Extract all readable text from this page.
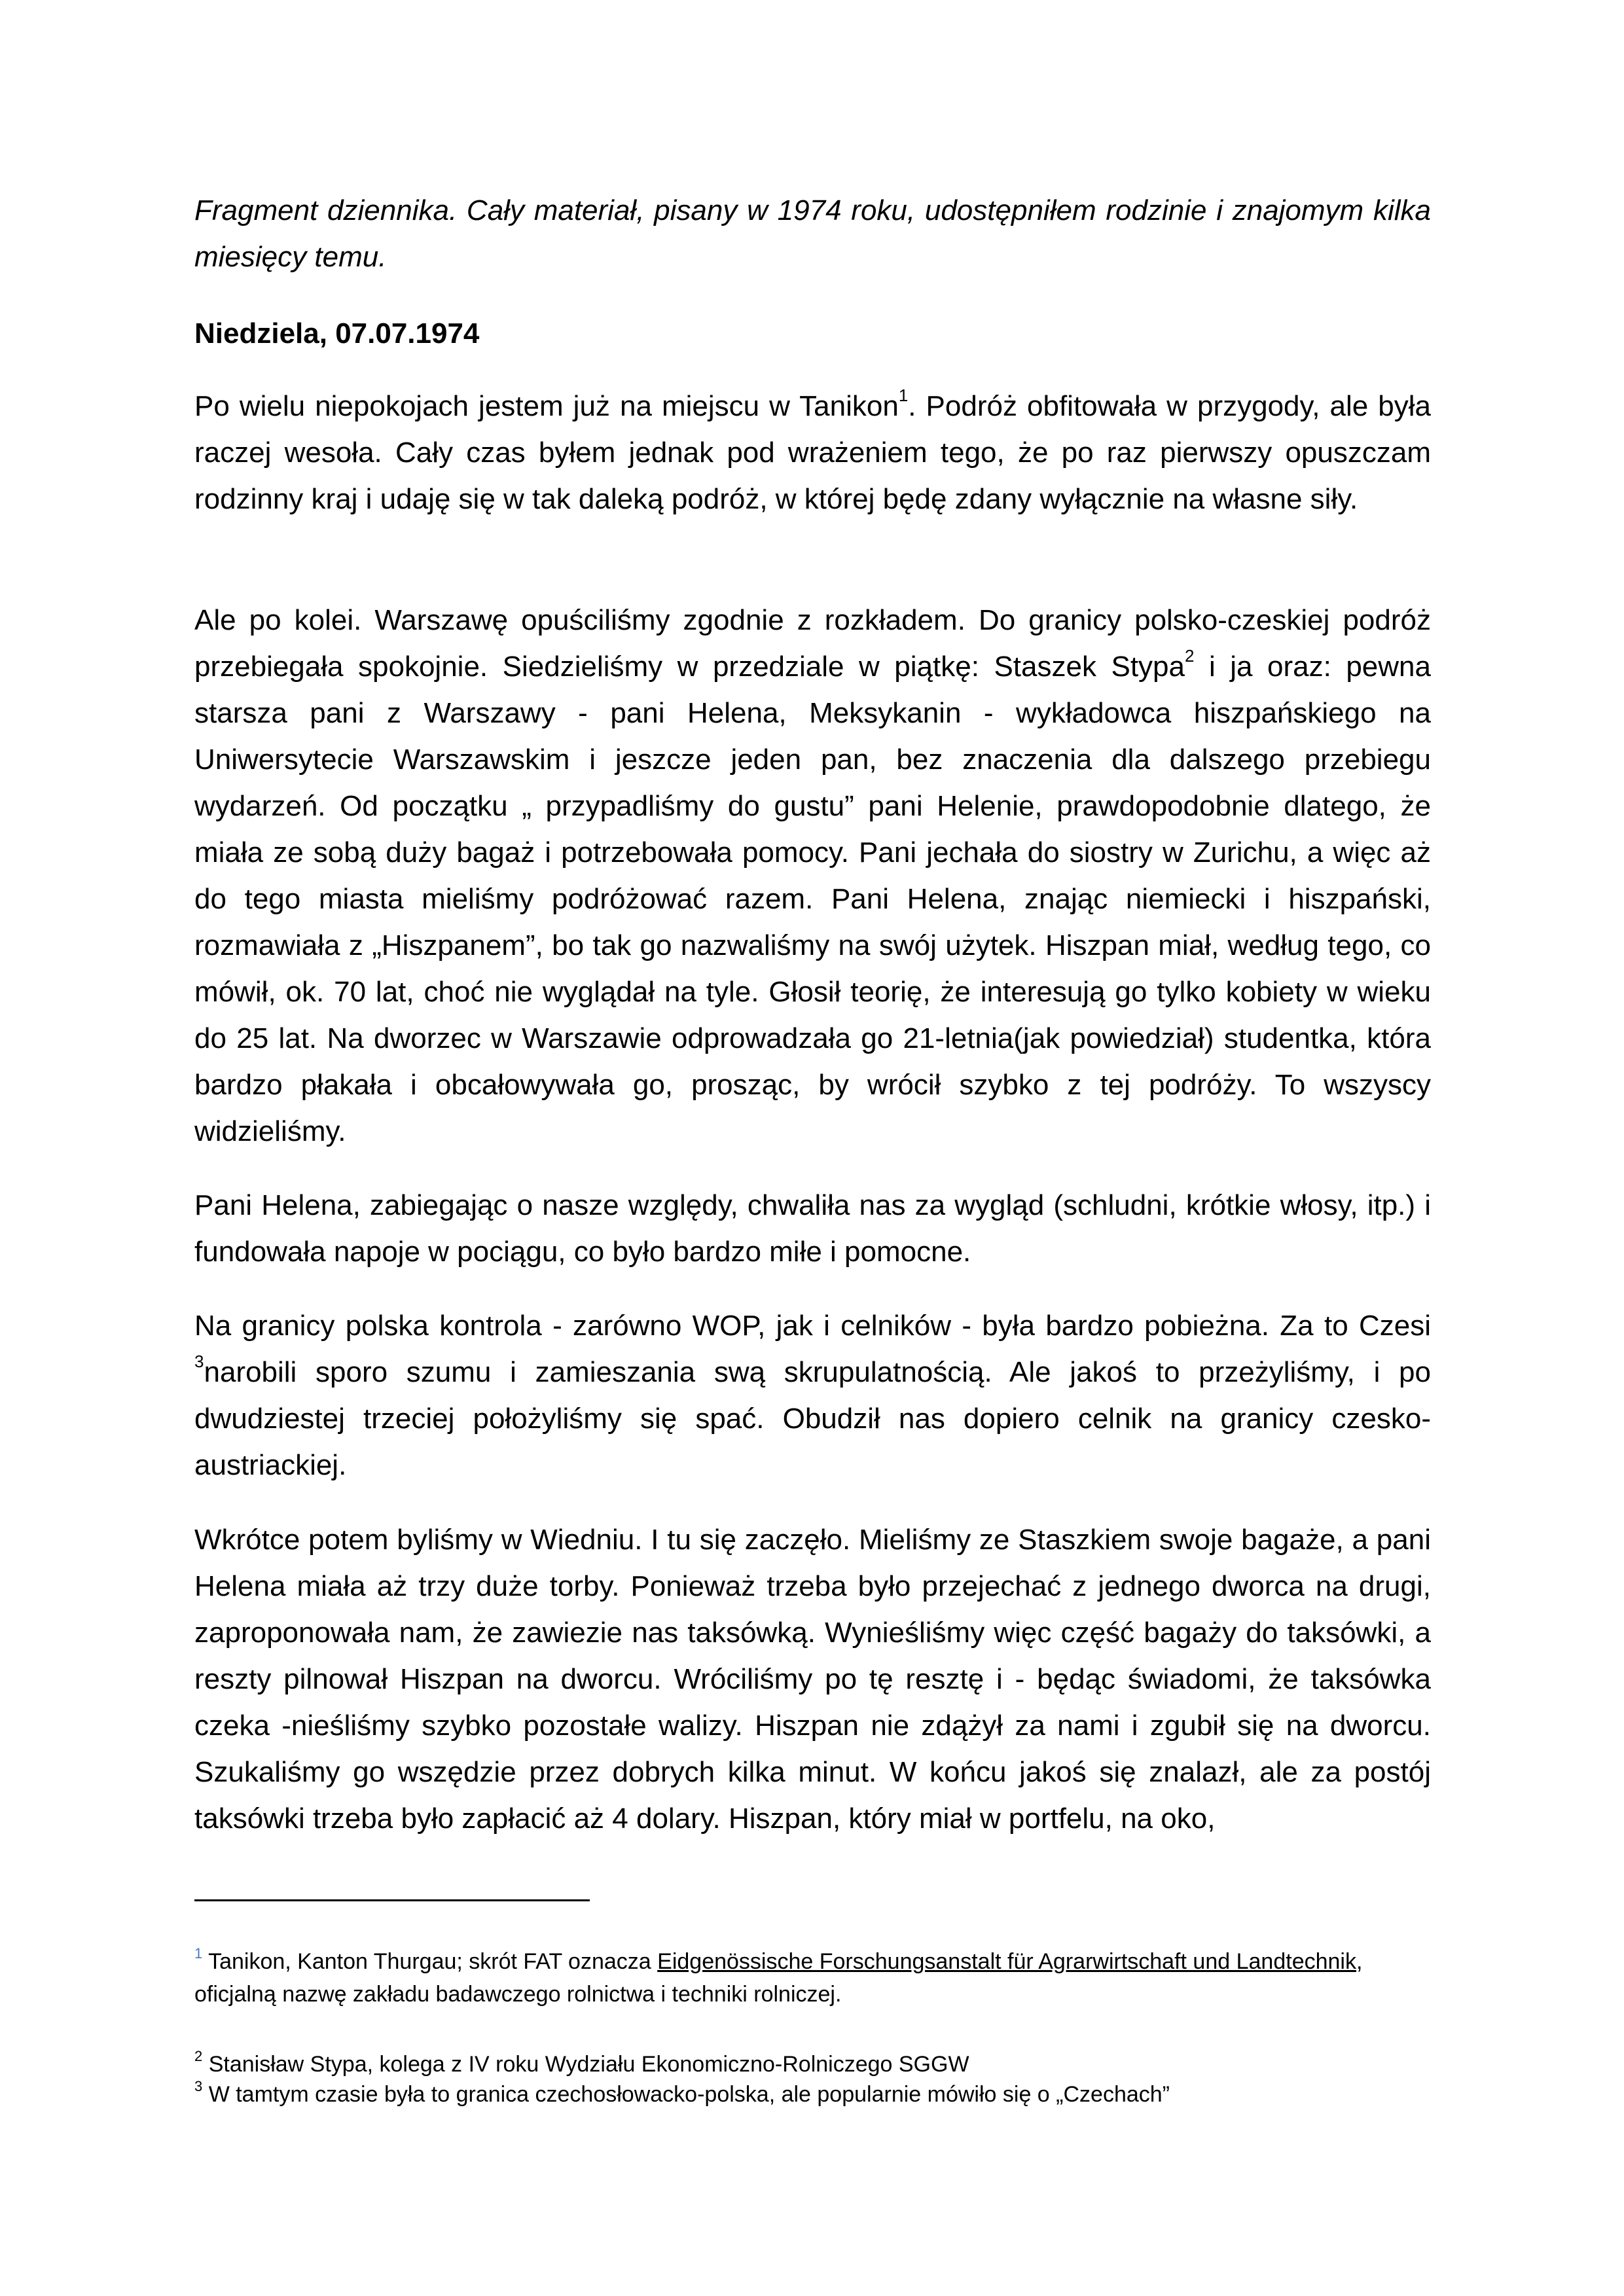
Fragment dziennika. Cały materiał, pisany w 1974 roku, udostępniłem rodzinie i znajomym kilka miesięcy temu.

Niedziela, 07.07.1974

Po wielu niepokojach jestem już na miejscu w Tanikon$^1$. Podróż obfitowała w przygody, ale była raczej wesoła. Cały czas byłem jednak pod wrażeniem tego, że po raz pierwszy opuszczam rodzinny kraj i udaję się w tak daleką podróż, w której będę zdany wyłącznie na własne siły.

Ale po kolei. Warszawę opuściliśmy zgodnie z rozkładem. Do granicy polsko-czeskiej podróż przebiegała spokojnie. Siedzieliśmy w przedziale w piątkę: Staszek Stypa$^2$ i ja oraz: pewna starsza pani z Warszawy - pani Helena, Meksykanin - wykładowca hiszpańskiego na Uniwersytecie Warszawskim i jeszcze jeden pan, bez znaczenia dla dalszego przebiegu wydarzeń. Od początku „ przypadliśmy do gustu” pani Helenie, prawdopodobnie dlatego, że miała ze sobą duży bagaż i potrzebowała pomocy. Pani jechała do siostry w Zurichu, a więc aż do tego miasta mieliśmy podróżować razem. Pani Helena, znając niemiecki i hiszpański, rozmawiała z „Hiszpanem”, bo tak go nazwaliśmy na swój użytek. Hiszpan miał, według tego, co mówił, ok. 70 lat, choć nie wyglądał na tyle. Głosił teorię, że interesują go tylko kobiety w wieku do 25 lat. Na dworzec w Warszawie odprowadzała go 21-letnia(jak powiedział) studentka, która bardzo płakała i obcałowywała go, prosząc, by wrócił szybko z tej podróży. To wszyscy widzieliśmy.

Pani Helena, zabiegając o nasze względy, chwaliła nas za wygląd (schludni, krótkie włosy, itp.) i fundowała napoje w pociągu, co było bardzo miłe i pomocne.

Na granicy polska kontrola - zarówno WOP, jak i celników - była bardzo pobieżna. Za to Czesi $^3$narobili sporo szumu i zamieszania swą skrupulatnością. Ale jakoś to przeżyliśmy, i po dwudziestej trzeciej położyliśmy się spać. Obudził nas dopiero celnik na granicy czesko-austriackiej.

Wkrótce potem byliśmy w Wiedniu. I tu się zaczęło. Mieliśmy ze Staszkiem swoje bagaże, a pani Helena miała aż trzy duże torby. Ponieważ trzeba było przejechać z jednego dworca na drugi, zaproponowała nam, że zawiezie nas taksówką. Wynieśliśmy więc część bagaży do taksówki, a reszty pilnował Hiszpan na dworcu. Wróciliśmy po tę resztę i - będąc świadomi, że taksówka czeka -nieśliśmy szybko pozostałe walizy. Hiszpan nie zdążył za nami i zgubił się na dworcu. Szukaliśmy go wszędzie przez dobrych kilka minut. W końcu jakoś się znalazł, ale za postój taksówki trzeba było zapłacić aż 4 dolary. Hiszpan, który miał w portfelu, na oko,

$^1$ Tanikon, Kanton Thurgau; skrót FAT oznacza Eidgenössische Forschungsanstalt für Agrarwirtschaft und Landtechnik, oficjalną nazwę zakładu badawczego rolnictwa i techniki rolniczej.

$^2$ Stanisław Stypa, kolega z IV roku Wydziału Ekonomiczno-Rolniczego SGGW

$^3$ W tamtym czasie była to granica czechosłowacko-polska, ale popularnie mówiło się o „Czechach”
